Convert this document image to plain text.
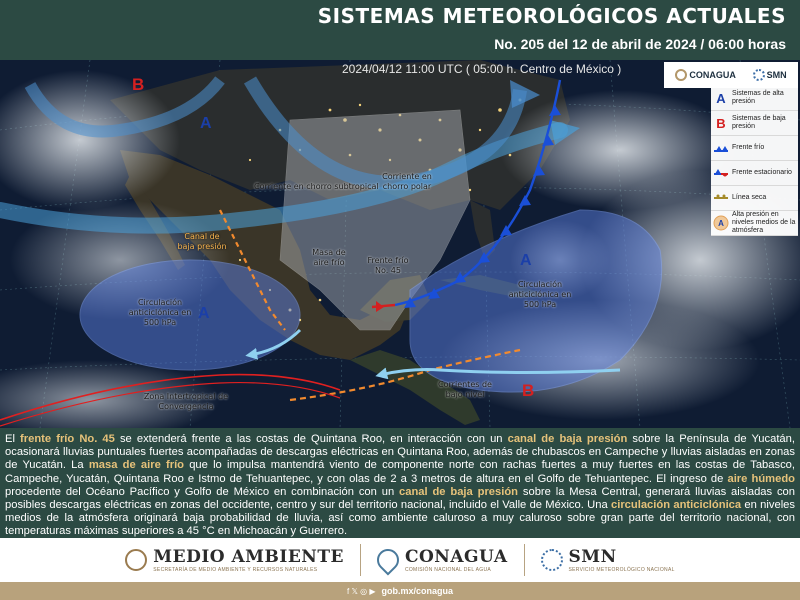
SISTEMAS METEOROLÓGICOS ACTUALES
No. 205 del 12 de abril de 2024 / 06:00 horas
A
A
A
B
B
2024/04/12 11:00 UTC ( 05:00 h. Centro de México )	CONAGUA	SMN
A Sistemas de alta presión
B Sistemas de baja presión
Frente frío
Frente estacionario
Línea seca
A
Alta presión en niveles medios de la atmósfera
Corriente en chorro subtropical
Corriente en chorro polar
Canal de baja presión
Masa de aire frío	Frente frío No. 45
Circulación anticiclónica en 500 hPa
Circulación anticiclónica en 500 hPa
Zona Intertropical de Convergencia
Corrientes de bajo nivel

El frente frío No. 45 se extenderá frente a las costas de Quintana Roo, en interacción con un canal de baja presión sobre la Península de Yucatán, ocasionará lluvias puntuales fuertes acompañadas de descargas eléctricas en Quintana Roo, además de chubascos en Campeche y lluvias aisladas en zonas de Yucatán. La masa de aire frío que lo impulsa mantendrá viento de componente norte con rachas fuertes a muy fuertes en las costas de Tabasco, Campeche, Yucatán, Quintana Roo e Istmo de Tehuantepec, y con olas de 2 a 3 metros de altura en el Golfo de Tehuantepec. El ingreso de aire húmedo procedente del Océano Pacífico y Golfo de México en combinación con un canal de baja presión sobre la Mesa Central, generará lluvias aisladas con posibles descargas eléctricas en zonas del occidente, centro y sur del territorio nacional, incluido el Valle de México. Una circulación anticiclónica en niveles medios de la atmósfera originará baja probabilidad de lluvia, así como ambiente caluroso a muy caluroso sobre gran parte del territorio nacional, con temperaturas máximas superiores a 45 °C en Michoacán y Guerrero.

MEDIO AMBIENTE
SECRETARÍA DE MEDIO AMBIENTE Y RECURSOS NATURALES
CONAGUA
COMISIÓN NACIONAL DEL AGUA
SMN
SERVICIO METEOROLÓGICO NACIONAL
f 𝕏 ◎ ▶ gob.mx/conagua
